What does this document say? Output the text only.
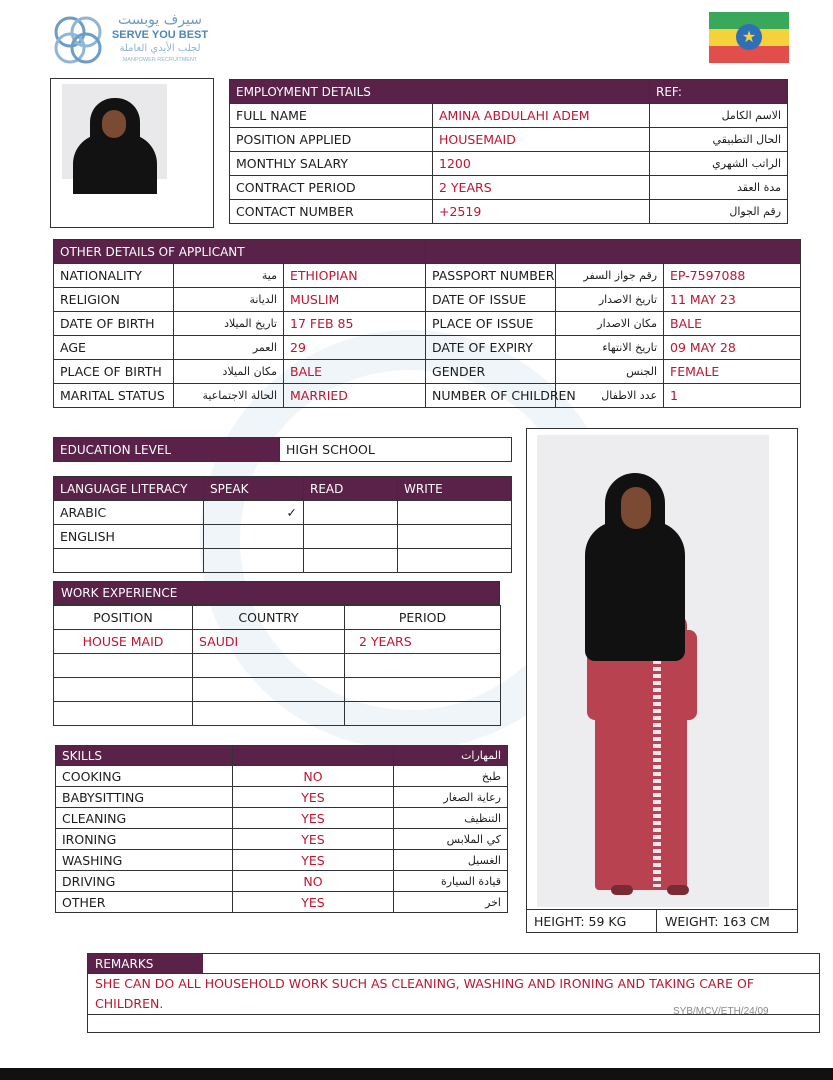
سيرف يوبست
SERVE YOU BEST
لجلب الأيدي العاملة
MANPOWER RECRUITMENT
★
EMPLOYMENT DETAILS		REF:
FULL NAME	AMINA ABDULAHI ADEM	الاسم الكامل
POSITION APPLIED	HOUSEMAID	الحال التطبيقي
MONTHLY SALARY	1200	الراتب الشهري
CONTRACT PERIOD	2 YEARS	مدة العقد
CONTACT NUMBER	+2519	رقم الجوال
OTHER DETAILS OF APPLICANT					
NATIONALITY	مية	ETHIOPIAN	PASSPORT NUMBER	رقم جواز السفر	EP-7597088
RELIGION	الديانة	MUSLIM	DATE OF ISSUE	تاريخ الاصدار	11 MAY 23
DATE OF BIRTH	تاريخ الميلاد	17 FEB 85	PLACE OF ISSUE	مكان الاصدار	BALE
AGE	العمر	29	DATE OF EXPIRY	تاريخ الانتهاء	09 MAY 28
PLACE OF BIRTH	مكان الميلاد	BALE	GENDER	الجنس	FEMALE
MARITAL STATUS	الحالة الاجتماعية	MARRIED	NUMBER OF CHILDREN	عدد الاطفال	1
EDUCATION LEVEL	HIGH SCHOOL
LANGUAGE LITERACY	SPEAK	READ	WRITE
ARABIC	✓		
ENGLISH			

WORK EXPERIENCE
POSITION	COUNTRY	PERIOD
HOUSE MAID	SAUDI	2 YEARS

SKILLS		المهارات
COOKING	NO	طبخ
BABYSITTING	YES	رعاية الصغار
CLEANING	YES	التنظيف
IRONING	YES	كي الملابس
WASHING	YES	الغسيل
DRIVING	NO	قيادة السيارة
OTHER	YES	اخر
HEIGHT: 59 KG	WEIGHT: 163 CM
REMARKS
SHE CAN DO ALL HOUSEHOLD WORK SUCH AS CLEANING, WASHING AND IRONING AND TAKING CARE OF
CHILDREN.
SYB/MCV/ETH/24/09
